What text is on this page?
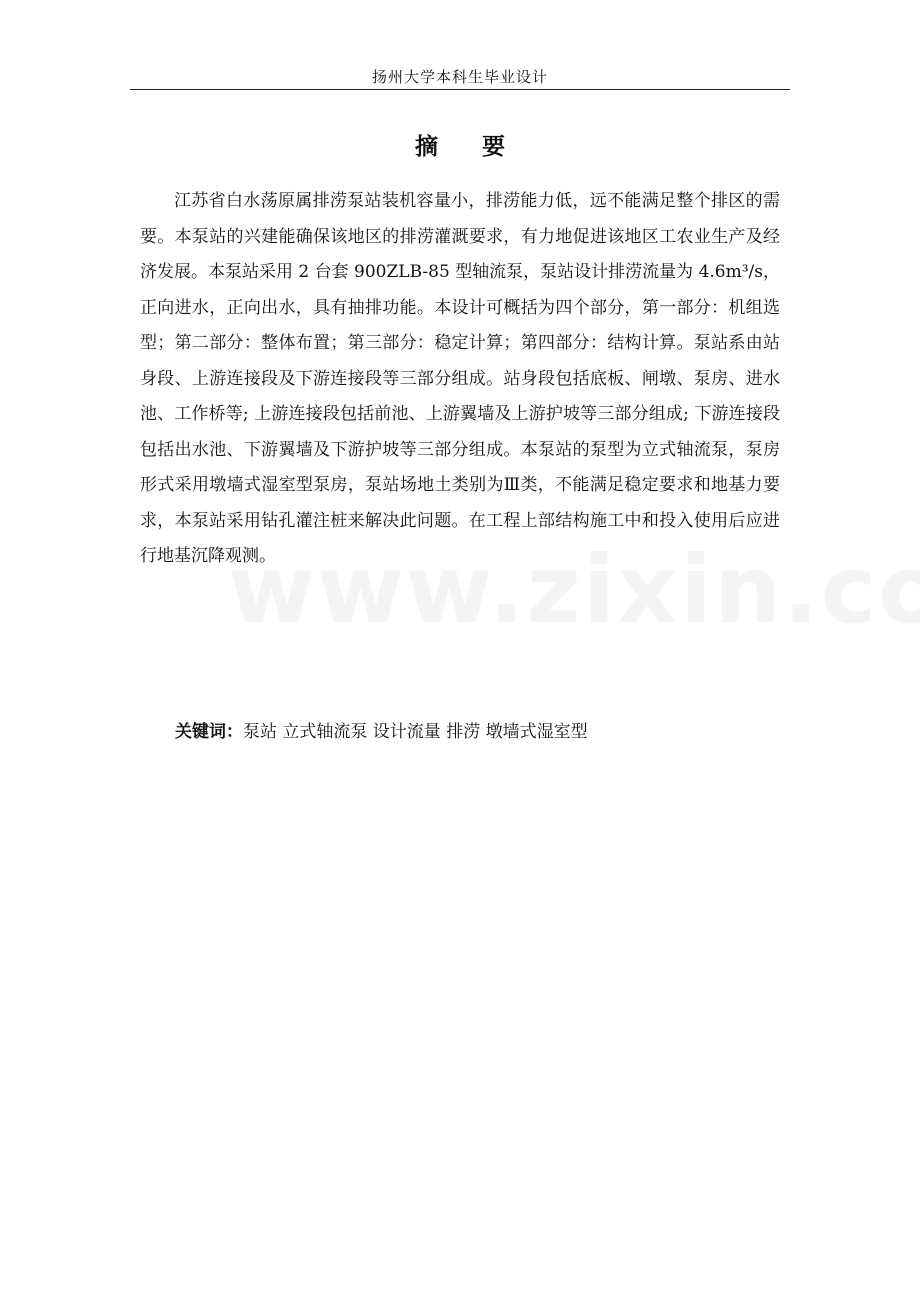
扬州大学本科生毕业设计
摘 要

江苏省白水荡原属排涝泵站装机容量小，排涝能力低，远不能满足整个排区的需要。本泵站的兴建能确保该地区的排涝灌溉要求，有力地促进该地区工农业生产及经济发展。本泵站采用 2 台套 900ZLB-85 型轴流泵，泵站设计排涝流量为 4.6m³/s，正向进水，正向出水，具有抽排功能。本设计可概括为四个部分，第一部分：机组选型；第二部分：整体布置；第三部分：稳定计算；第四部分：结构计算。泵站系由站身段、上游连接段及下游连接段等三部分组成。站身段包括底板、闸墩、泵房、进水池、工作桥等; 上游连接段包括前池、上游翼墙及上游护坡等三部分组成; 下游连接段包括出水池、下游翼墙及下游护坡等三部分组成。本泵站的泵型为立式轴流泵，泵房形式采用墩墙式湿室型泵房，泵站场地土类别为Ⅲ类，不能满足稳定要求和地基力要求，本泵站采用钻孔灌注桩来解决此问题。在工程上部结构施工中和投入使用后应进行地基沉降观测。

关键词：泵站 立式轴流泵 设计流量 排涝 墩墙式湿室型
